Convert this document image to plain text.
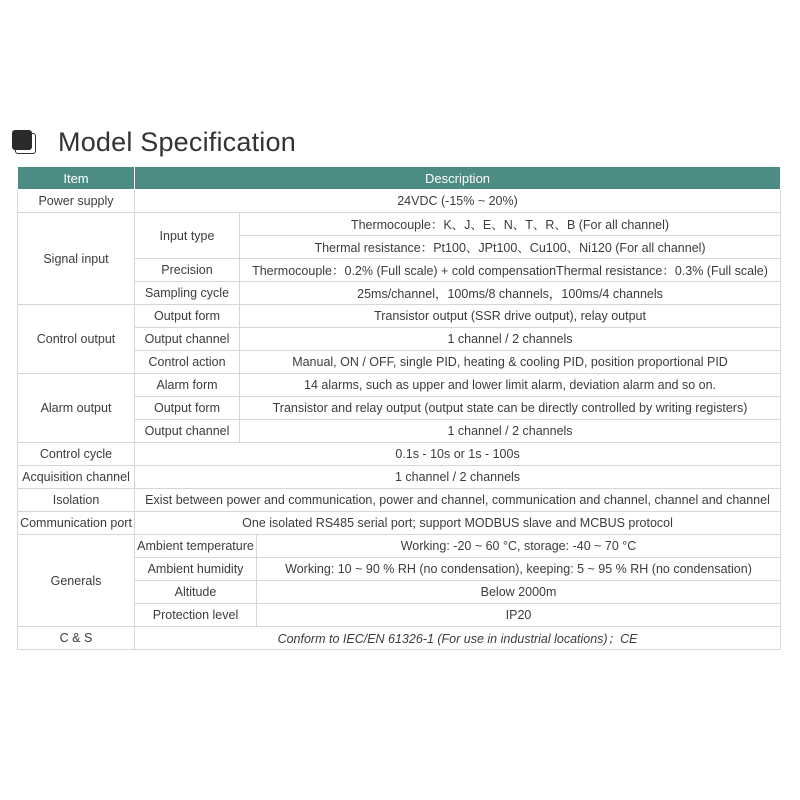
Model Specification
Item	Description		
Power supply	24VDC (-15% ~ 20%)		
Signal input	Input type	Thermocouple：K、J、E、N、T、R、B (For all channel)	
		Thermal resistance：Pt100、JPt100、Cu100、Ni120 (For all channel)	
	Precision	Thermocouple：0.2% (Full scale) + cold compensationThermal resistance：0.3% (Full scale)	
	Sampling cycle	25ms/channel，100ms/8 channels，100ms/4 channels	
Control output	Output form	Transistor output (SSR drive output), relay output	
	Output channel	1 channel / 2 channels	
	Control action	Manual, ON / OFF, single PID, heating & cooling PID, position proportional PID	
Alarm output	Alarm form	14 alarms, such as upper and lower limit alarm, deviation alarm and so on.	
	Output form	Transistor and relay output (output state can be directly controlled by writing registers)	
	Output channel	1 channel / 2 channels	
Control cycle	0.1s - 10s or 1s - 100s		
Acquisition channel	1 channel / 2 channels		
Isolation	Exist between power and communication, power and channel, communication and channel, channel and channel		
Communication port	One isolated RS485 serial port; support MODBUS slave and MCBUS protocol		
Generals	Ambient temperature		Working: -20 ~ 60 °C, storage: -40 ~ 70 °C
	Ambient humidity		Working: 10 ~ 90 % RH (no condensation), keeping: 5 ~ 95 % RH (no condensation)
	Altitude		Below 2000m
	Protection level		IP20
C & S	Conform to IEC/EN 61326-1 (For use in industrial locations)；CE		
